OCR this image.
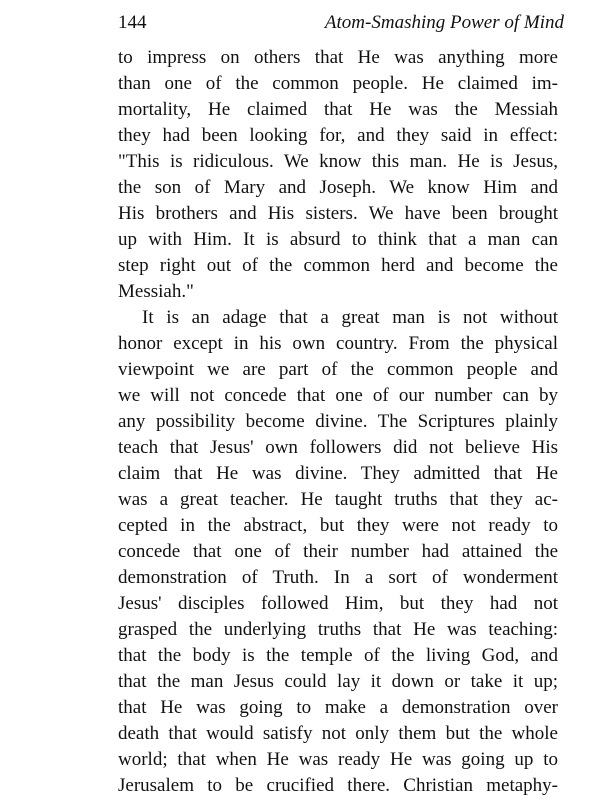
144	Atom-Smashing Power of Mind
to impress on others that He was anything more
than one of the common people. He claimed im-
mortality, He claimed that He was the Messiah
they had been looking for, and they said in effect:
"This is ridiculous. We know this man. He is Jesus,
the son of Mary and Joseph. We know Him and
His brothers and His sisters. We have been brought
up with Him. It is absurd to think that a man can
step right out of the common herd and become the
Messiah."
It is an adage that a great man is not without
honor except in his own country. From the physical
viewpoint we are part of the common people and
we will not concede that one of our number can by
any possibility become divine. The Scriptures plainly
teach that Jesus' own followers did not believe His
claim that He was divine. They admitted that He
was a great teacher. He taught truths that they ac-
cepted in the abstract, but they were not ready to
concede that one of their number had attained the
demonstration of Truth. In a sort of wonderment
Jesus' disciples followed Him, but they had not
grasped the underlying truths that He was teaching:
that the body is the temple of the living God, and
that the man Jesus could lay it down or take it up;
that He was going to make a demonstration over
death that would satisfy not only them but the whole
world; that when He was ready He was going up to
Jerusalem to be crucified there. Christian metaphy-
